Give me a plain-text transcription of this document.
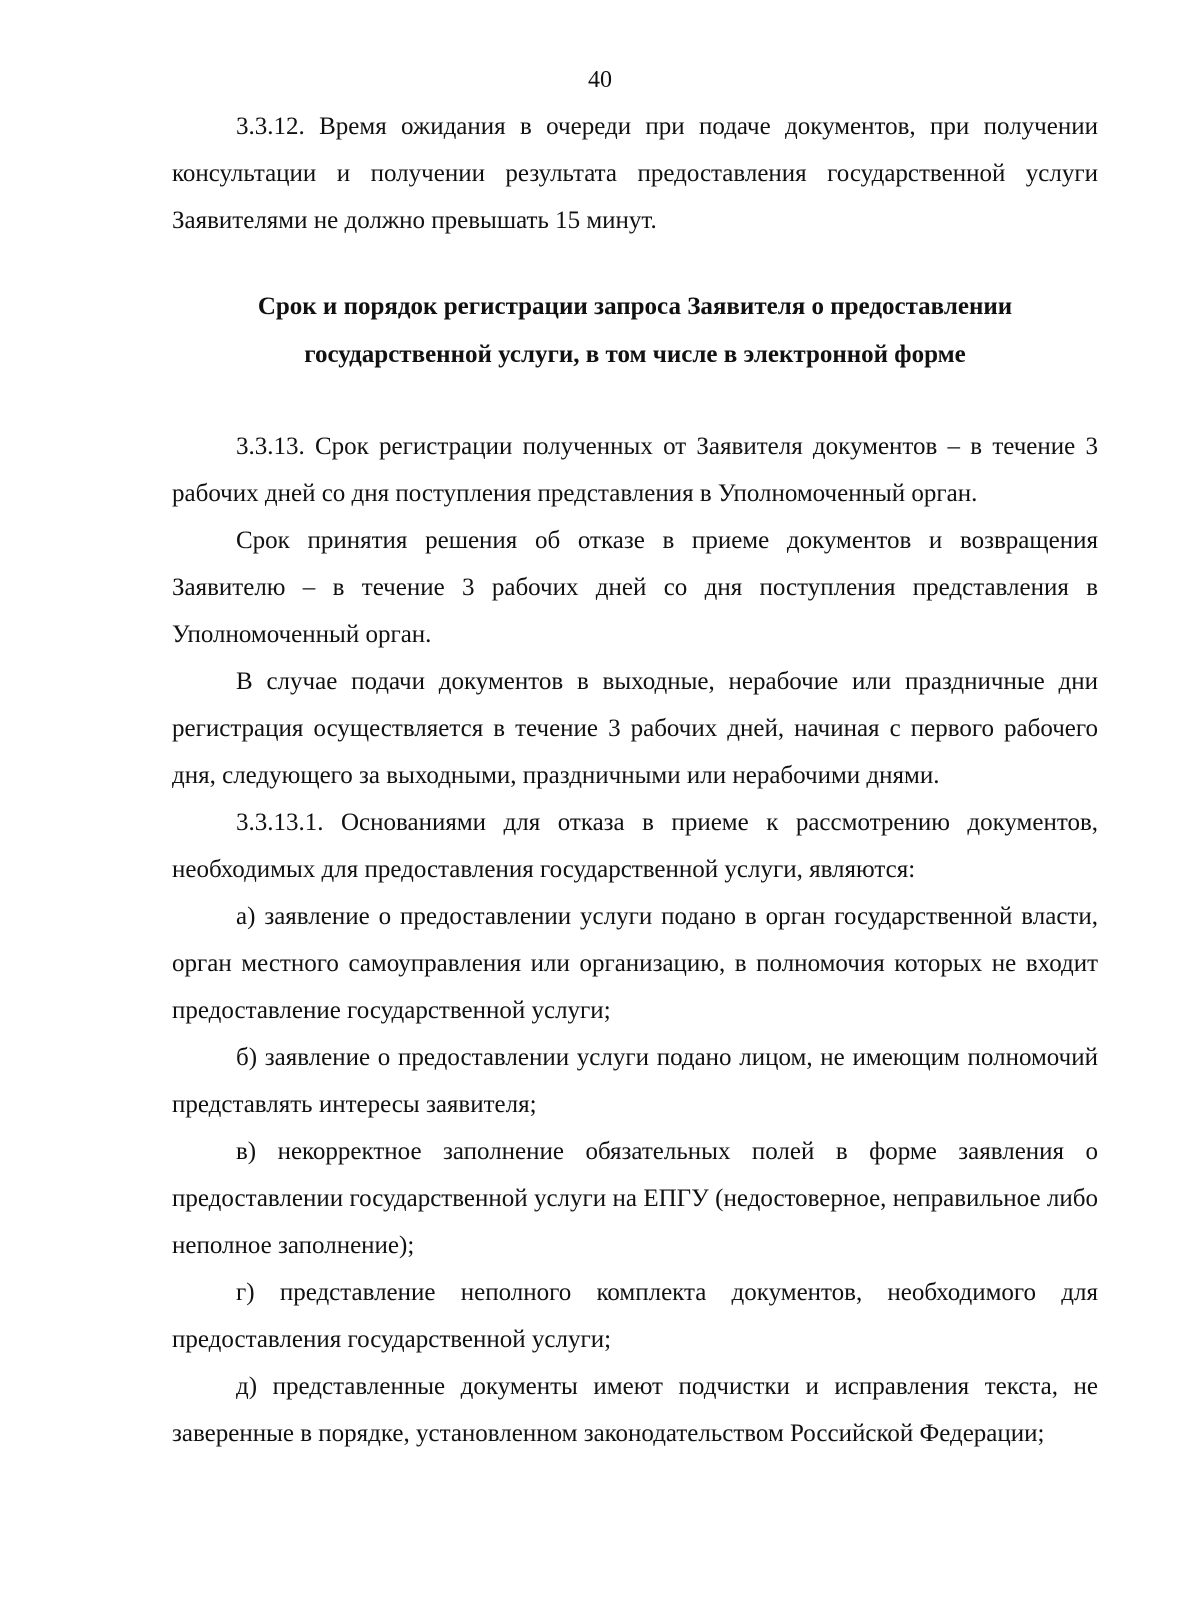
40

3.3.12. Время ожидания в очереди при подаче документов, при получении консультации и получении результата предоставления государственной услуги Заявителями не должно превышать 15 минут.

Срок и порядок регистрации запроса Заявителя о предоставлении
государственной услуги, в том числе в электронной форме

3.3.13. Срок регистрации полученных от Заявителя документов – в течение 3 рабочих дней со дня поступления представления в Уполномоченный орган.

Срок принятия решения об отказе в приеме документов и возвращения Заявителю – в течение 3 рабочих дней со дня поступления представления в Уполномоченный орган.

В случае подачи документов в выходные, нерабочие или праздничные дни регистрация осуществляется в течение 3 рабочих дней, начиная с первого рабочего дня, следующего за выходными, праздничными или нерабочими днями.

3.3.13.1. Основаниями для отказа в приеме к рассмотрению документов, необходимых для предоставления государственной услуги, являются:

а) заявление о предоставлении услуги подано в орган государственной власти, орган местного самоуправления или организацию, в полномочия которых не входит предоставление государственной услуги;

б) заявление о предоставлении услуги подано лицом, не имеющим полномочий представлять интересы заявителя;

в) некорректное заполнение обязательных полей в форме заявления о предоставлении государственной услуги на ЕПГУ (недостоверное, неправильное либо неполное заполнение);

г) представление неполного комплекта документов, необходимого для предоставления государственной услуги;

д) представленные документы имеют подчистки и исправления текста, не заверенные в порядке, установленном законодательством Российской Федерации;
